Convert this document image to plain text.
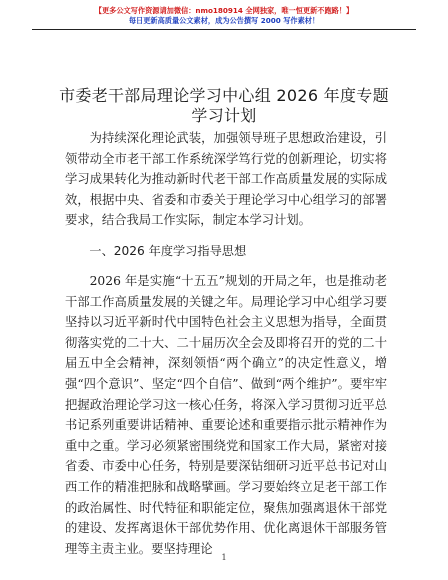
【更多公文写作资源请加微信：nmo180914 全网独家，唯一恒更新不跑路！】
每日更新高质量公文素材，成为公告撰写 2000 写作素材！
市委老干部局理论学习中心组 2026 年度专题学习计划

为持续深化理论武装，加强领导班子思想政治建设，引领带动全市老干部工作系统深学笃行党的创新理论，切实将学习成果转化为推动新时代老干部工作高质量发展的实际成效，根据中央、省委和市委关于理论学习中心组学习的部署要求，结合我局工作实际，制定本学习计划。

一、2026 年度学习指导思想

2026 年是实施“十五五”规划的开局之年，也是推动老干部工作高质量发展的关键之年。局理论学习中心组学习要坚持以习近平新时代中国特色社会主义思想为指导，全面贯彻落实党的二十大、二十届历次全会及即将召开的党的二十届五中全会精神，深刻领悟“两个确立”的决定性意义，增强“四个意识”、坚定“四个自信”、做到“两个维护”。要牢牢把握政治理论学习这一核心任务，将深入学习贯彻习近平总书记系列重要讲话精神、重要论述和重要指示批示精神作为重中之重。学习必须紧密围绕党和国家工作大局，紧密对接省委、市委中心任务，特别是要深钻细研习近平总书记对山西工作的精准把脉和战略擘画。学习要始终立足老干部工作的政治属性、时代特征和职能定位，聚焦加强离退休干部党的建设、发挥离退休干部优势作用、优化离退休干部服务管理等主责主业。要坚持理论

1
